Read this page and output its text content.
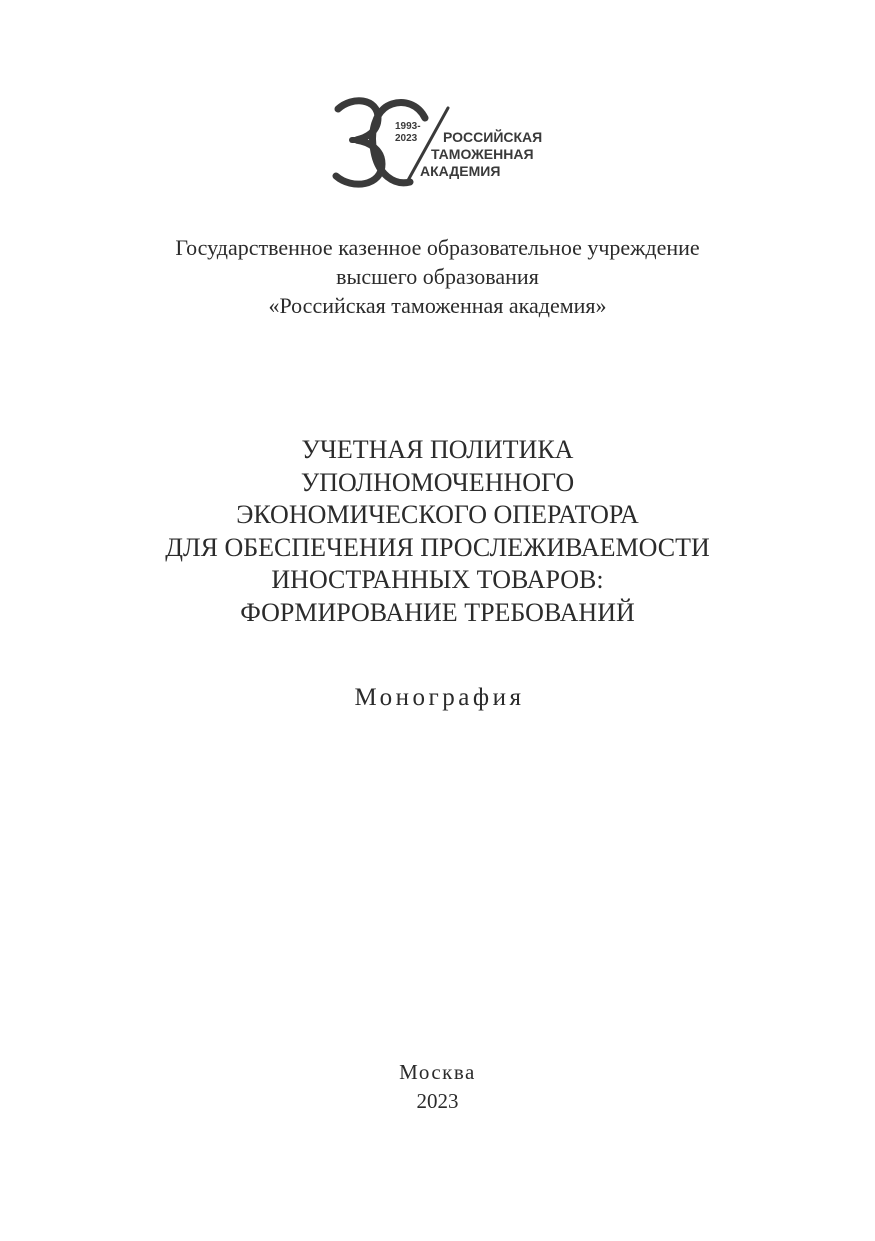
1993-
2023 РОССИЙСКАЯ
ТАМОЖЕННАЯ
АКАДЕМИЯ
Государственное казенное образовательное учреждение
высшего образования
«Российская таможенная академия»
УЧЕТНАЯ ПОЛИТИКА
УПОЛНОМОЧЕННОГО
ЭКОНОМИЧЕСКОГО ОПЕРАТОРА
ДЛЯ ОБЕСПЕЧЕНИЯ ПРОСЛЕЖИВАЕМОСТИ
ИНОСТРАННЫХ ТОВАРОВ:
ФОРМИРОВАНИЕ ТРЕБОВАНИЙ
Монография
Москва
2023
